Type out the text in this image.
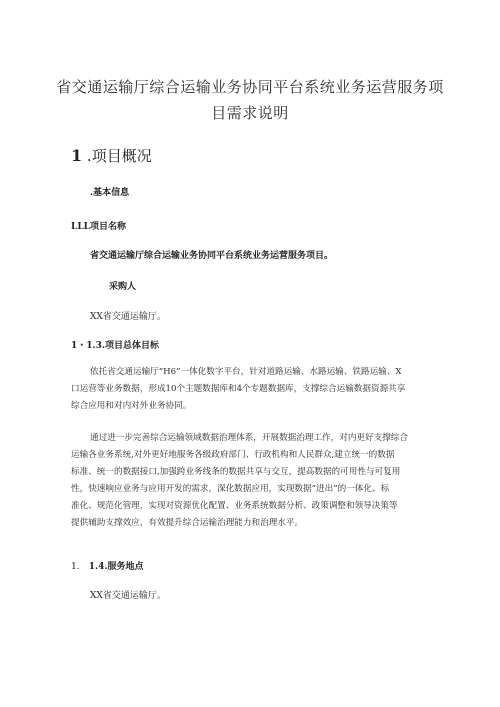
省交通运输厅综合运输业务协同平台系统业务运营服务项
目需求说明
1 .项目概况
.基本信息
LLL项目名称
省交通运输厅综合运输业务协同平台系统业务运营服务项目。
采购人
XX省交通运输厅。
1・1.3.项目总体目标
依托省交通运输厅“H6”一体化数字平台，针对道路运输、水路运输、铁路运输、X
口运营等业务数据，形成10个主题数据库和4个专题数据库，支撑综合运输数据资源共享
综合应用和对内对外业务协同。
通过进一步完善综合运输领域数据治理体系，开展数据治理工作，对内更好支撑综合
运输各业务系统,对外更好地服务各级政府部门、行政机构和人民群众,建立统一的数据
标准、统一的数据接口,加强跨业务线条的数据共享与交互，提高数据的可用性与可复用
性，快速响应业务与应用开发的需求，深化数据应用，实现数据“进出”的一体化、标
准化、规范化管理，实现对资源优化配置、业务系统数据分析、政策调整和领导决策等
提供辅助支撑效应，有效提升综合运输治理能力和治理水平。
1. 1.4.服务地点
XX省交通运输厅。
